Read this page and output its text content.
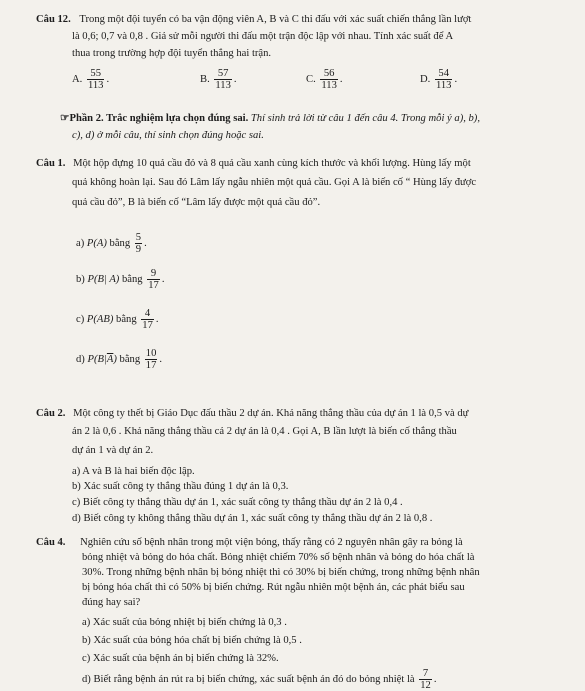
Câu 12. Trong một đội tuyển có ba vận động viên A, B và C thi đấu với xác suất chiến thắng lần lượt
là 0,6; 0,7 và 0,8 . Giả sử mỗi người thi đấu một trận độc lập với nhau. Tính xác suất để A
thua trong trường hợp đội tuyển thắng hai trận.
A. $\frac{55}{113}$ .	B. $\frac{57}{113}$ .	C. $\frac{56}{113}$ .	D. $\frac{54}{113}$ .
☞Phần 2. Trắc nghiệm lựa chọn đúng sai. Thí sinh trả lời từ câu 1 đến câu 4. Trong mỗi ý a), b),
c), d) ở mỗi câu, thí sinh chọn đúng hoặc sai.
Câu 1. Một hộp đựng 10 quả cầu đỏ và 8 quả cầu xanh cùng kích thước và khối lượng. Hùng lấy một
quả không hoàn lại. Sau đó Lâm lấy ngẫu nhiên một quả cầu. Gọi A là biến cố “ Hùng lấy được
quả cầu đỏ”, B là biến cố “Lâm lấy được một quả cầu đỏ”.
a) P(A) bằng $\frac{5}{9}$ .
b) P(B| A) bằng $\frac{9}{17}$ .
c) P(AB) bằng $\frac{4}{17}$ .
d) $P(B|\overline{A})$ bằng $\frac{10}{17}$ .
Câu 2. Một công ty thết bị Giáo Dục đấu thầu 2 dự án. Khả năng thắng thầu của dự án 1 là 0,5 và dự
án 2 là 0,6 . Khả năng thắng thầu cả 2 dự án là 0,4 . Gọi A, B lần lượt là biến cố thắng thầu
dự án 1 và dự án 2.
a) A và B là hai biến độc lập.
b) Xác suất công ty thắng thầu đúng 1 dự án là 0,3.
c) Biết công ty thắng thầu dự án 1, xác suất công ty thắng thầu dự án 2 là 0,4 .
d) Biết công ty không thắng thầu dự án 1, xác suất công ty thắng thầu dự án 2 là 0,8 .
Câu 4. Nghiên cứu số bệnh nhân trong một viện bỏng, thấy rằng có 2 nguyên nhân gây ra bỏng là
bỏng nhiệt và bỏng do hóa chất. Bỏng nhiệt chiếm 70% số bệnh nhân và bỏng do hóa chất là
30%. Trong những bệnh nhân bị bỏng nhiệt thì có 30% bị biến chứng, trong những bệnh nhân
bị bỏng hóa chất thì có 50% bị biến chứng. Rút ngẫu nhiên một bệnh án, các phát biểu sau
đúng hay sai?
a) Xác suất của bỏng nhiệt bị biến chứng là 0,3 .
b) Xác suất của bỏng hóa chất bị biến chứng là 0,5 .
c) Xác suất của bệnh án bị biến chứng là 32%.
d) Biết rằng bệnh án rút ra bị biến chứng, xác suất bệnh án đó do bỏng nhiệt là $\frac{7}{12}$ .
